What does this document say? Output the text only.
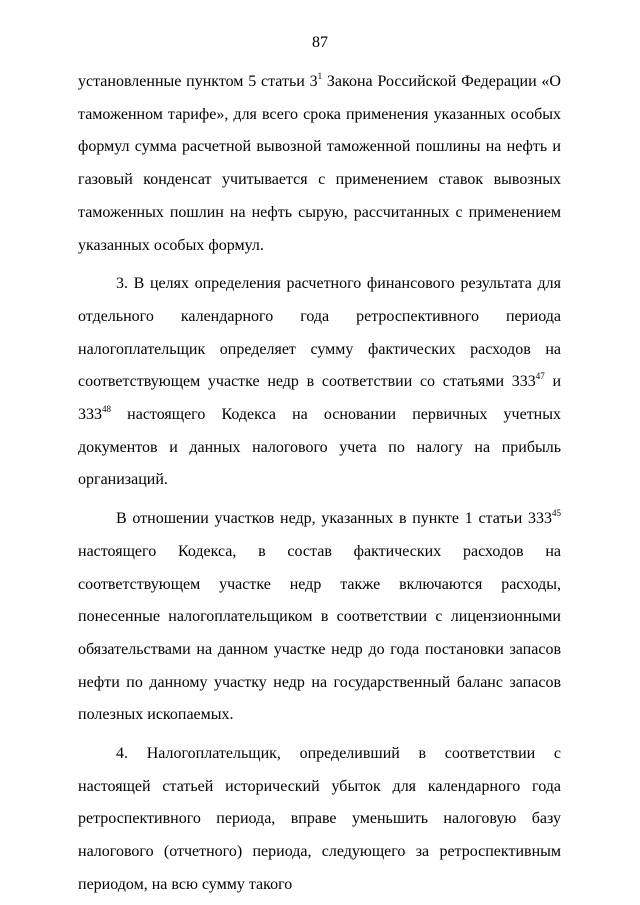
87

установленные пунктом 5 статьи $3^1$ Закона Российской Федерации «О таможенном тарифе», для всего срока применения указанных особых формул сумма расчетной вывозной таможенной пошлины на нефть и газовый конденсат учитывается с применением ставок вывозных таможенных пошлин на нефть сырую, рассчитанных с применением указанных особых формул.

3. В целях определения расчетного финансового результата для отдельного календарного года ретроспективного периода налогоплательщик определяет сумму фактических расходов на соответствующем участке недр в соответствии со статьями $333^{47}$ и $333^{48}$ настоящего Кодекса на основании первичных учетных документов и данных налогового учета по налогу на прибыль организаций.

В отношении участков недр, указанных в пункте 1 статьи $333^{45}$ настоящего Кодекса, в состав фактических расходов на соответствующем участке недр также включаются расходы, понесенные налогоплательщиком в соответствии с лицензионными обязательствами на данном участке недр до года постановки запасов нефти по данному участку недр на государственный баланс запасов полезных ископаемых.

4. Налогоплательщик, определивший в соответствии с настоящей статьей исторический убыток для календарного года ретроспективного периода, вправе уменьшить налоговую базу налогового (отчетного) периода, следующего за ретроспективным периодом, на всю сумму такого
